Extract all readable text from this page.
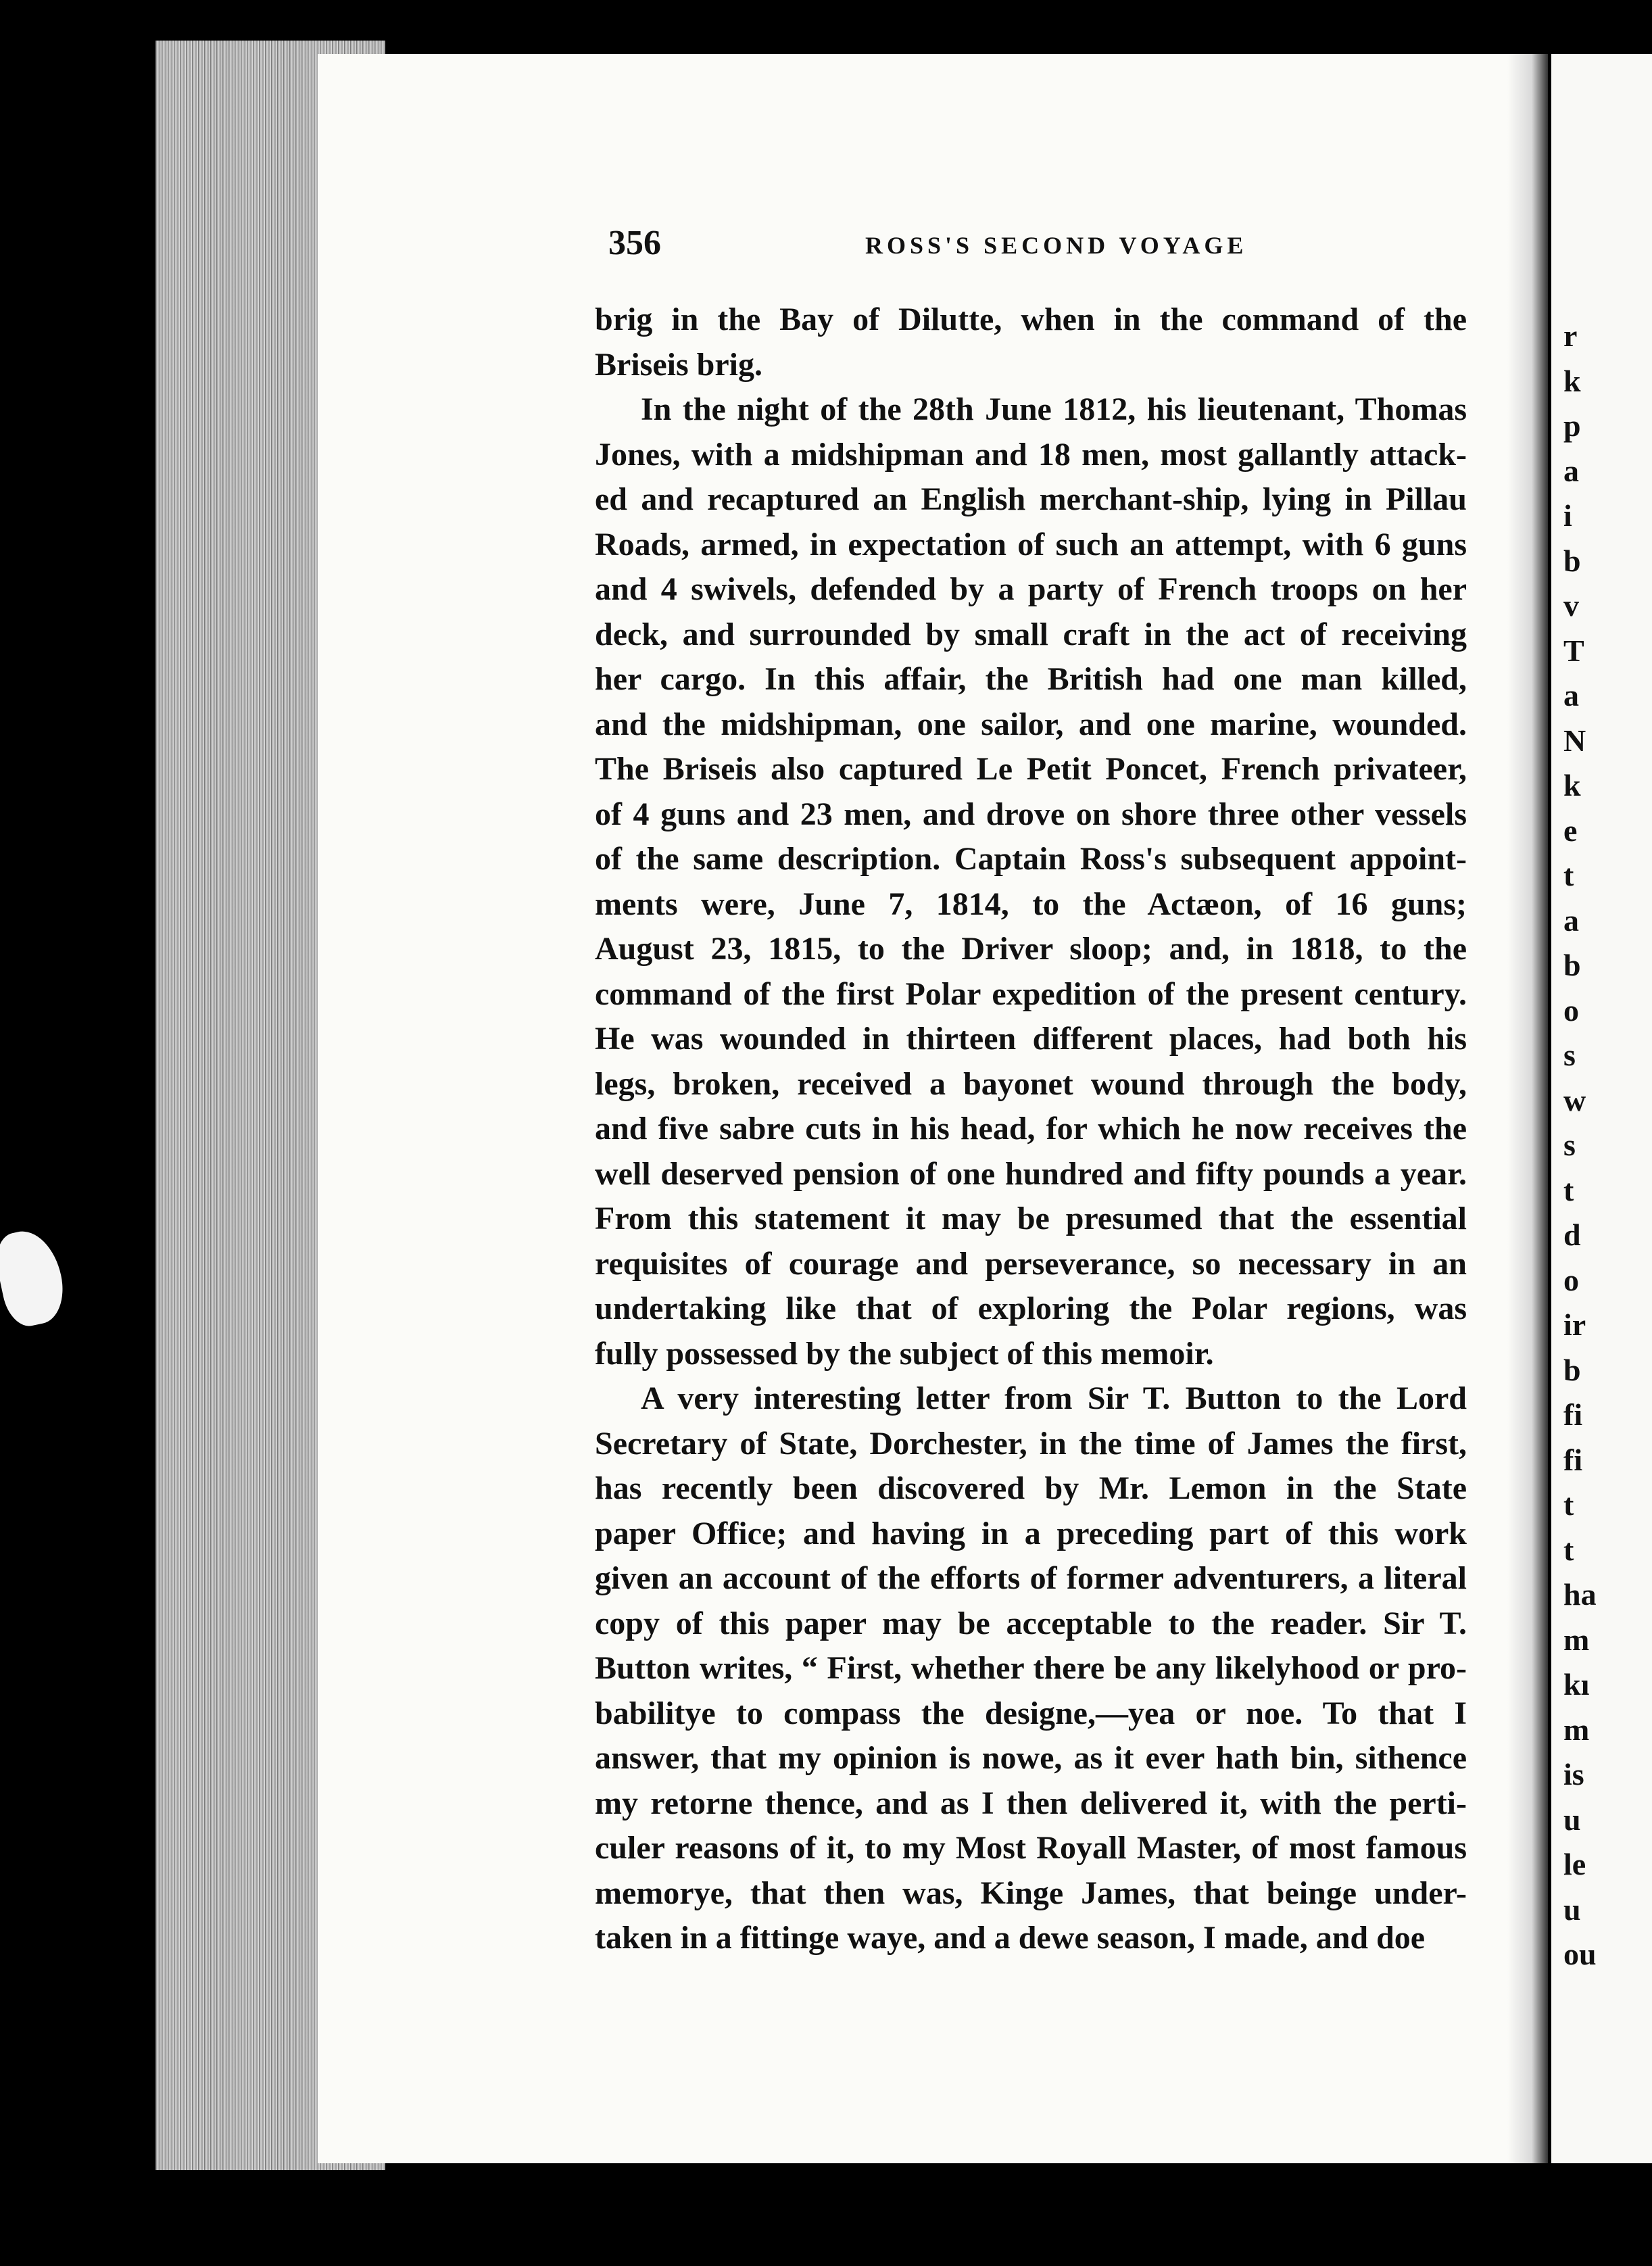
r
k
p
a
i
b
v
T
a
N
k
e
t
a
b
o
s
w
s
t
d
o
ir
b
fi
fi
t
t
ha
m
kı
m
is
u
le
u
ou
356	ROSS'S SECOND VOYAGE
brig in the Bay of Dilutte, when in the command of the
Briseis brig.
In the night of the 28th June 1812, his lieutenant, Thomas
Jones, with a midshipman and 18 men, most gallantly attack-
ed and recaptured an English merchant-ship, lying in Pillau
Roads, armed, in expectation of such an attempt, with 6 guns
and 4 swivels, defended by a party of French troops on her
deck, and surrounded by small craft in the act of receiving
her cargo. In this affair, the British had one man killed,
and the midshipman, one sailor, and one marine, wounded.
The Briseis also captured Le Petit Poncet, French privateer,
of 4 guns and 23 men, and drove on shore three other vessels
of the same description. Captain Ross's subsequent appoint-
ments were, June 7, 1814, to the Actæon, of 16 guns;
August 23, 1815, to the Driver sloop; and, in 1818, to the
command of the first Polar expedition of the present century.
He was wounded in thirteen different places, had both his
legs, broken, received a bayonet wound through the body,
and five sabre cuts in his head, for which he now receives the
well deserved pension of one hundred and fifty pounds a year.
From this statement it may be presumed that the essential
requisites of courage and perseverance, so necessary in an
undertaking like that of exploring the Polar regions, was
fully possessed by the subject of this memoir.
A very interesting letter from Sir T. Button to the Lord
Secretary of State, Dorchester, in the time of James the first,
has recently been discovered by Mr. Lemon in the State
paper Office; and having in a preceding part of this work
given an account of the efforts of former adventurers, a literal
copy of this paper may be acceptable to the reader. Sir T.
Button writes, “ First, whether there be any likelyhood or pro-
babilitye to compass the designe,—yea or noe. To that I
answer, that my opinion is nowe, as it ever hath bin, sithence
my retorne thence, and as I then delivered it, with the perti-
culer reasons of it, to my Most Royall Master, of most famous
memorye, that then was, Kinge James, that beinge under-
taken in a fittinge waye, and a dewe season, I made, and doe
